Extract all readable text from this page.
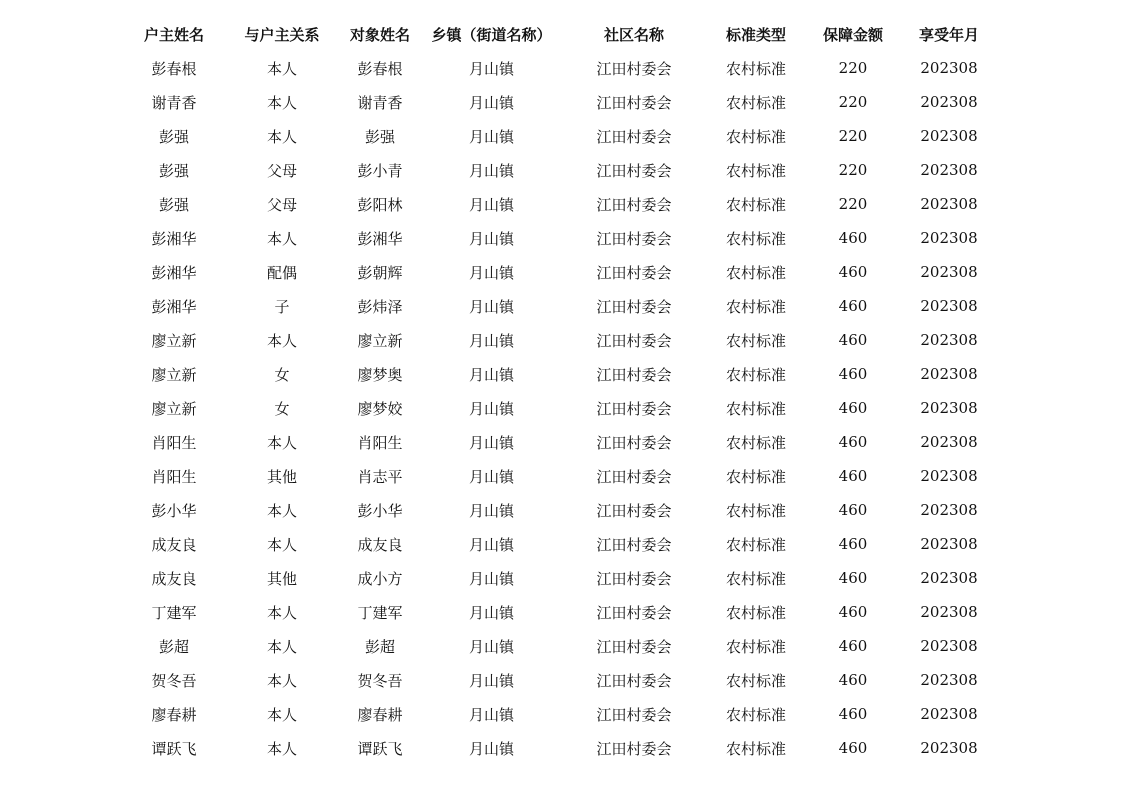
户主姓名	与户主关系	对象姓名	乡镇（街道名称）	社区名称	标准类型	保障金额	享受年月
彭春根	本人	彭春根	月山镇	江田村委会	农村标准	220	202308
谢青香	本人	谢青香	月山镇	江田村委会	农村标准	220	202308
彭强	本人	彭强	月山镇	江田村委会	农村标准	220	202308
彭强	父母	彭小青	月山镇	江田村委会	农村标准	220	202308
彭强	父母	彭阳林	月山镇	江田村委会	农村标准	220	202308
彭湘华	本人	彭湘华	月山镇	江田村委会	农村标准	460	202308
彭湘华	配偶	彭朝辉	月山镇	江田村委会	农村标准	460	202308
彭湘华	子	彭炜泽	月山镇	江田村委会	农村标准	460	202308
廖立新	本人	廖立新	月山镇	江田村委会	农村标准	460	202308
廖立新	女	廖梦奥	月山镇	江田村委会	农村标准	460	202308
廖立新	女	廖梦姣	月山镇	江田村委会	农村标准	460	202308
肖阳生	本人	肖阳生	月山镇	江田村委会	农村标准	460	202308
肖阳生	其他	肖志平	月山镇	江田村委会	农村标准	460	202308
彭小华	本人	彭小华	月山镇	江田村委会	农村标准	460	202308
成友良	本人	成友良	月山镇	江田村委会	农村标准	460	202308
成友良	其他	成小方	月山镇	江田村委会	农村标准	460	202308
丁建军	本人	丁建军	月山镇	江田村委会	农村标准	460	202308
彭超	本人	彭超	月山镇	江田村委会	农村标准	460	202308
贺冬吾	本人	贺冬吾	月山镇	江田村委会	农村标准	460	202308
廖春耕	本人	廖春耕	月山镇	江田村委会	农村标准	460	202308
谭跃飞	本人	谭跃飞	月山镇	江田村委会	农村标准	460	202308
